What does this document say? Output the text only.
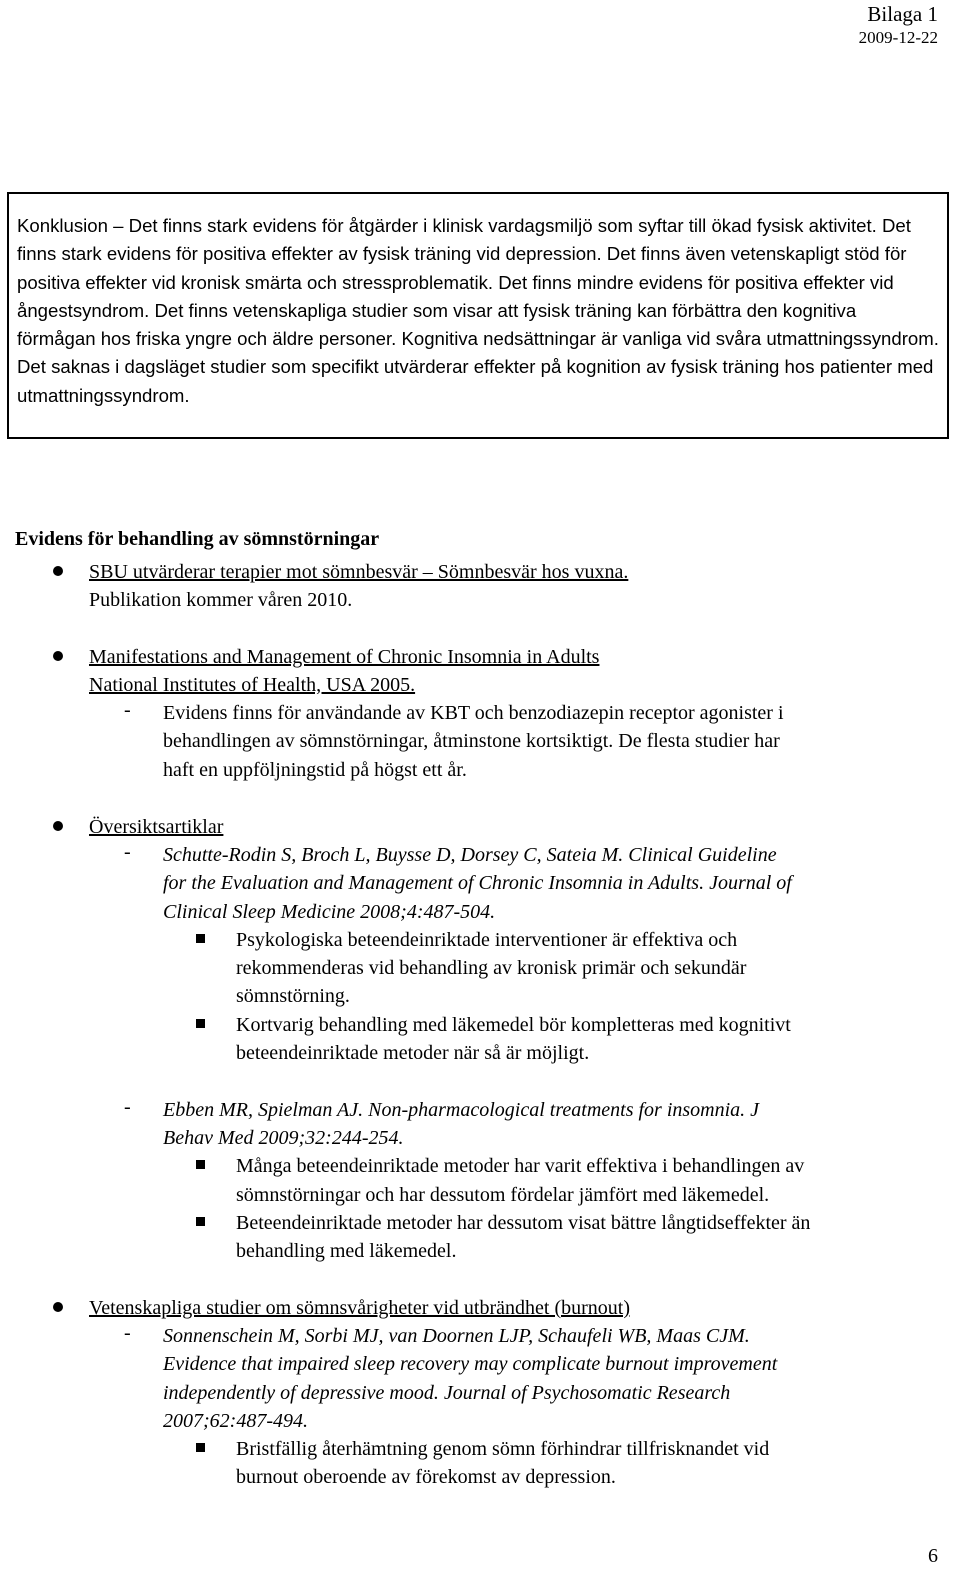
Bilaga 1
2009-12-22
Konklusion – Det finns stark evidens för åtgärder i klinisk vardagsmiljö som syftar till ökad fysisk aktivitet. Det finns stark evidens för positiva effekter av fysisk träning vid depression. Det finns även vetenskapligt stöd för positiva effekter vid kronisk smärta och stressproblematik. Det finns mindre evidens för positiva effekter vid ångestsyndrom. Det finns vetenskapliga studier som visar att fysisk träning kan förbättra den kognitiva förmågan hos friska yngre och äldre personer. Kognitiva nedsättningar är vanliga vid svåra utmattningssyndrom. Det saknas i dagsläget studier som specifikt utvärderar effekter på kognition av fysisk träning hos patienter med utmattningssyndrom.
Evidens för behandling av sömnstörningar
SBU utvärderar terapier mot sömnbesvär – Sömnbesvär hos vuxna.
Publikation kommer våren 2010.
Manifestations and Management of Chronic Insomnia in Adults
National Institutes of Health, USA 2005.
- Evidens finns för användande av KBT och benzodiazepin receptor agonister i
behandlingen av sömnstörningar, åtminstone kortsiktigt. De flesta studier har
haft en uppföljningstid på högst ett år.
Översiktsartiklar
- Schutte-Rodin S, Broch L, Buysse D, Dorsey C, Sateia M. Clinical Guideline
for the Evaluation and Management of Chronic Insomnia in Adults. Journal of
Clinical Sleep Medicine 2008;4:487-504.
Psykologiska beteendeinriktade interventioner är effektiva och
rekommenderas vid behandling av kronisk primär och sekundär
sömnstörning.
Kortvarig behandling med läkemedel bör kompletteras med kognitivt
beteendeinriktade metoder när så är möjligt.
- Ebben MR, Spielman AJ. Non-pharmacological treatments for insomnia. J
Behav Med 2009;32:244-254.
Många beteendeinriktade metoder har varit effektiva i behandlingen av
sömnstörningar och har dessutom fördelar jämfört med läkemedel.
Beteendeinriktade metoder har dessutom visat bättre långtidseffekter än
behandling med läkemedel.
Vetenskapliga studier om sömnsvårigheter vid utbrändhet (burnout)
- Sonnenschein M, Sorbi MJ, van Doornen LJP, Schaufeli WB, Maas CJM.
Evidence that impaired sleep recovery may complicate burnout improvement
independently of depressive mood. Journal of Psychosomatic Research
2007;62:487-494.
Bristfällig återhämtning genom sömn förhindrar tillfrisknandet vid
burnout oberoende av förekomst av depression.
6
